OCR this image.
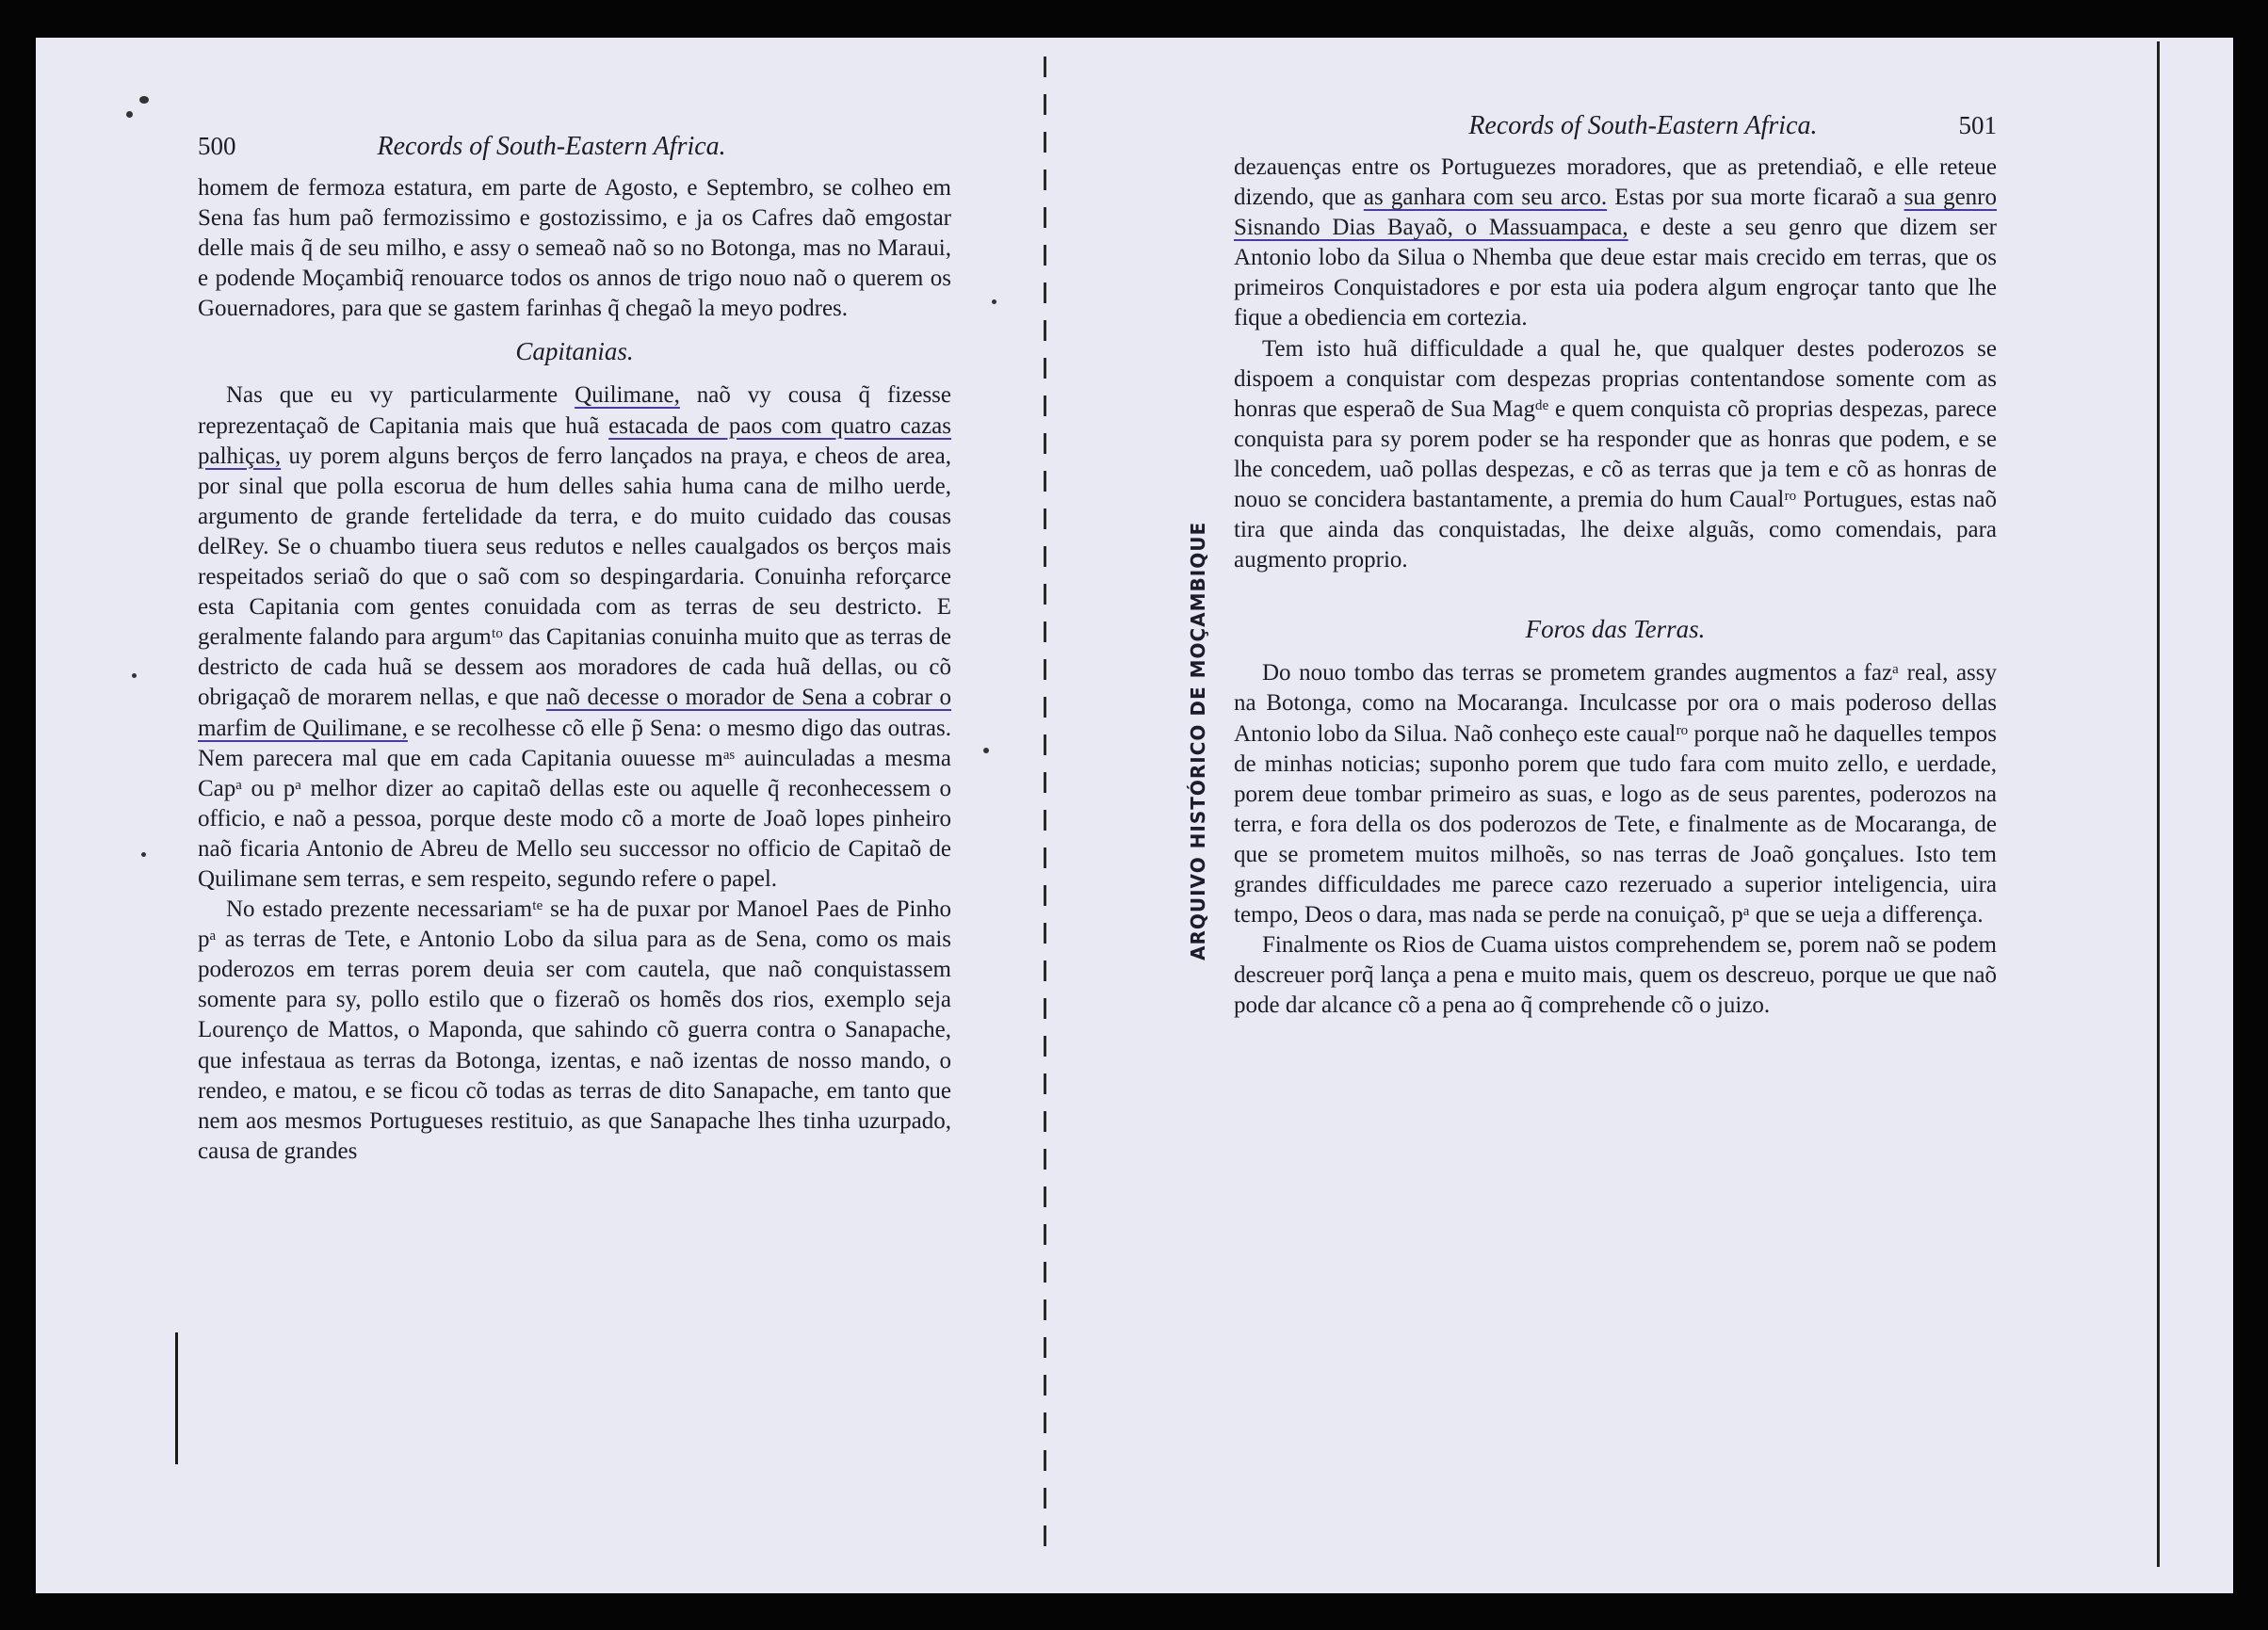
ARQUIVO HISTÓRICO DE MOÇAMBIQUE
500	Records of South-Eastern Africa.

homem de fermoza estatura, em parte de Agosto, e Septembro, se colheo em Sena fas hum paõ fermozissimo e gostozissimo, e ja os Cafres daõ emgostar delle mais q̃ de seu milho, e assy o semeaõ naõ so no Botonga, mas no Maraui, e podende Moçambiq̃ renouarce todos os annos de trigo nouo naõ o querem os Gouernadores, para que se gastem farinhas q̃ chegaõ la meyo podres.

Capitanias.

Nas que eu vy particularmente Quilimane, naõ vy cousa q̃ fizesse reprezentaçaõ de Capitania mais que huã estacada de paos com quatro cazas palhiças, uy porem alguns berços de ferro lançados na praya, e cheos de area, por sinal que polla escorua de hum delles sahia huma cana de milho uerde, argumento de grande fertelidade da terra, e do muito cuidado das cousas delRey. Se o chuambo tiuera seus redutos e nelles caualgados os berços mais respeitados seriaõ do que o saõ com so despingardaria. Conuinha reforçarce esta Capitania com gentes conuidada com as terras de seu destricto. E geralmente falando para argumᵗᵒ das Capitanias conuinha muito que as terras de destricto de cada huã se dessem aos moradores de cada huã dellas, ou cõ obrigaçaõ de morarem nellas, e que naõ decesse o morador de Sena a cobrar o marfim de Quilimane, e se recolhesse cõ elle p̃ Sena: o mesmo digo das outras. Nem parecera mal que em cada Capitania ouuesse mᵃˢ auinculadas a mesma Capᵃ ou pᵃ melhor dizer ao capitaõ dellas este ou aquelle q̃ reconhecessem o officio, e naõ a pessoa, porque deste modo cõ a morte de Joaõ lopes pinheiro naõ ficaria Antonio de Abreu de Mello seu successor no officio de Capitaõ de Quilimane sem terras, e sem respeito, segundo refere o papel.

No estado prezente necessariamᵗᵉ se ha de puxar por Manoel Paes de Pinho pᵃ as terras de Tete, e Antonio Lobo da silua para as de Sena, como os mais poderozos em terras porem deuia ser com cautela, que naõ conquistassem somente para sy, pollo estilo que o fizeraõ os homẽs dos rios, exemplo seja Lourenço de Mattos, o Maponda, que sahindo cõ guerra contra o Sanapache, que infestaua as terras da Botonga, izentas, e naõ izentas de nosso mando, o rendeo, e matou, e se ficou cõ todas as terras de dito Sanapache, em tanto que nem aos mesmos Portugueses restituio, as que Sanapache lhes tinha uzurpado, causa de grandes

Records of South-Eastern Africa.	501

dezauenças entre os Portuguezes moradores, que as pretendiaõ, e elle reteue dizendo, que as ganhara com seu arco. Estas por sua morte ficaraõ a sua genro Sisnando Dias Bayaõ, o Massuampaca, e deste a seu genro que dizem ser Antonio lobo da Silua o Nhemba que deue estar mais crecido em terras, que os primeiros Conquistadores e por esta uia podera algum engroçar tanto que lhe fique a obediencia em cortezia.

Tem isto huã difficuldade a qual he, que qualquer destes poderozos se dispoem a conquistar com despezas proprias contentandose somente com as honras que esperaõ de Sua Magᵈᵉ e quem conquista cõ proprias despezas, parece conquista para sy porem poder se ha responder que as honras que podem, e se lhe concedem, uaõ pollas despezas, e cõ as terras que ja tem e cõ as honras de nouo se concidera bastantamente, a premia do hum Caualʳᵒ Portugues, estas naõ tira que ainda das conquistadas, lhe deixe alguãs, como comendais, para augmento proprio.

Foros das Terras.

Do nouo tombo das terras se prometem grandes augmentos a fazᵃ real, assy na Botonga, como na Mocaranga. Inculcasse por ora o mais poderoso dellas Antonio lobo da Silua. Naõ conheço este caualʳᵒ porque naõ he daquelles tempos de minhas noticias; suponho porem que tudo fara com muito zello, e uerdade, porem deue tombar primeiro as suas, e logo as de seus parentes, poderozos na terra, e fora della os dos poderozos de Tete, e finalmente as de Mocaranga, de que se prometem muitos milhoẽs, so nas terras de Joaõ gonçalues. Isto tem grandes difficuldades me parece cazo rezeruado a superior inteligencia, uira tempo, Deos o dara, mas nada se perde na conuiçaõ, pᵃ que se ueja a differença.

Finalmente os Rios de Cuama uistos comprehendem se, porem naõ se podem descreuer porq̃ lança a pena e muito mais, quem os descreuo, porque ue que naõ pode dar alcance cõ a pena ao q̃ comprehende cõ o juizo.
